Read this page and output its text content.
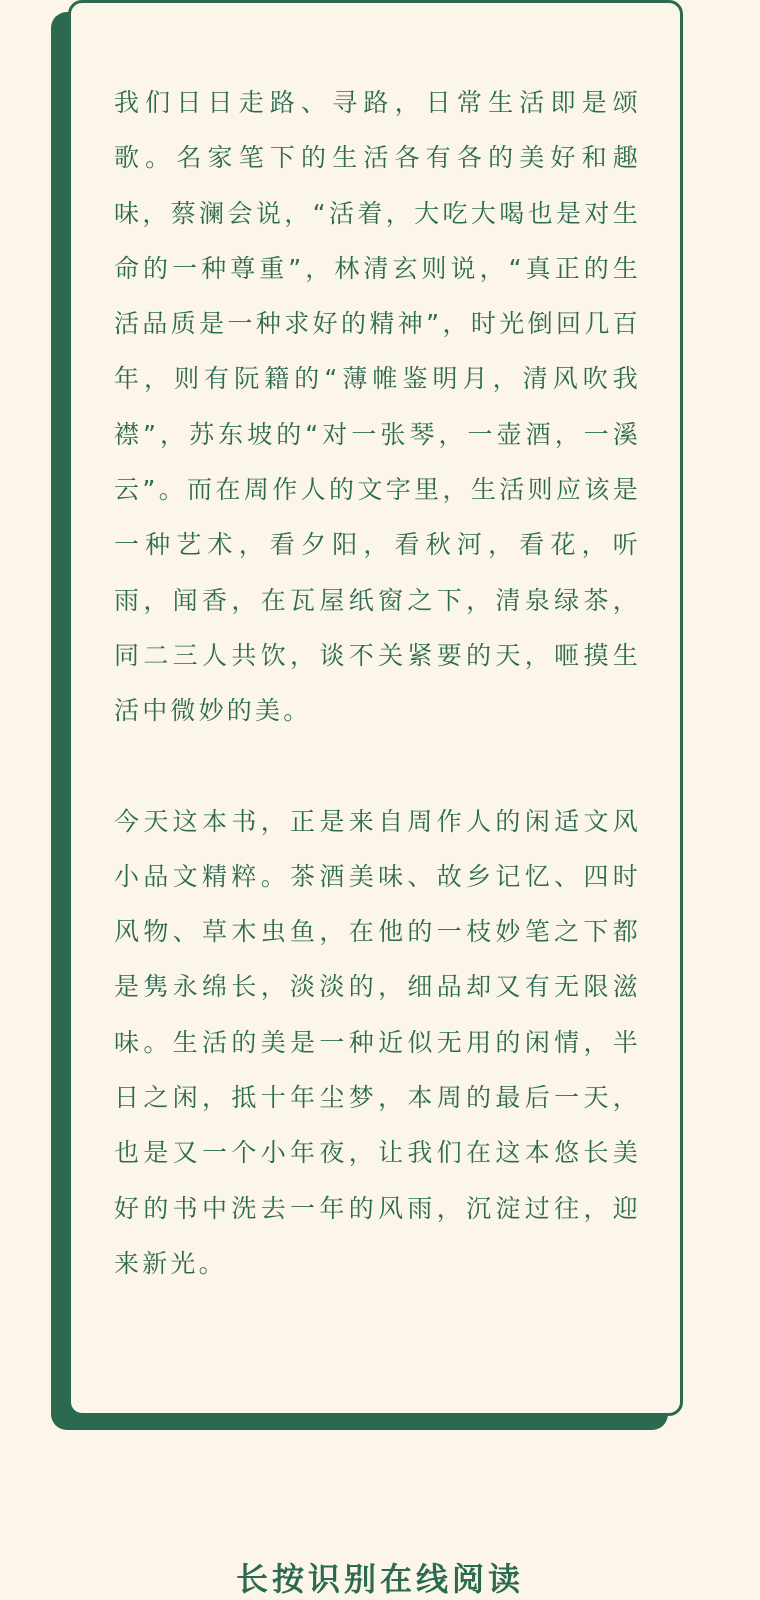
我们日日走路、寻路，日常生活即是颂歌。名家笔下的生活各有各的美好和趣味，蔡澜会说，“活着，大吃大喝也是对生命的一种尊重”，林清玄则说，“真正的生活品质是一种求好的精神”，时光倒回几百年，则有阮籍的“薄帷鉴明月，清风吹我襟”，苏东坡的“对一张琴，一壶酒，一溪云”。而在周作人的文字里，生活则应该是一种艺术，看夕阳，看秋河，看花，听雨，闻香，在瓦屋纸窗之下，清泉绿茶，同二三人共饮，谈不关紧要的天，咂摸生活中微妙的美。

今天这本书，正是来自周作人的闲适文风小品文精粹。茶酒美味、故乡记忆、四时风物、草木虫鱼，在他的一枝妙笔之下都是隽永绵长，淡淡的，细品却又有无限滋味。生活的美是一种近似无用的闲情，半日之闲，抵十年尘梦，本周的最后一天，也是又一个小年夜，让我们在这本悠长美好的书中洗去一年的风雨，沉淀过往，迎来新光。

长按识别在线阅读
